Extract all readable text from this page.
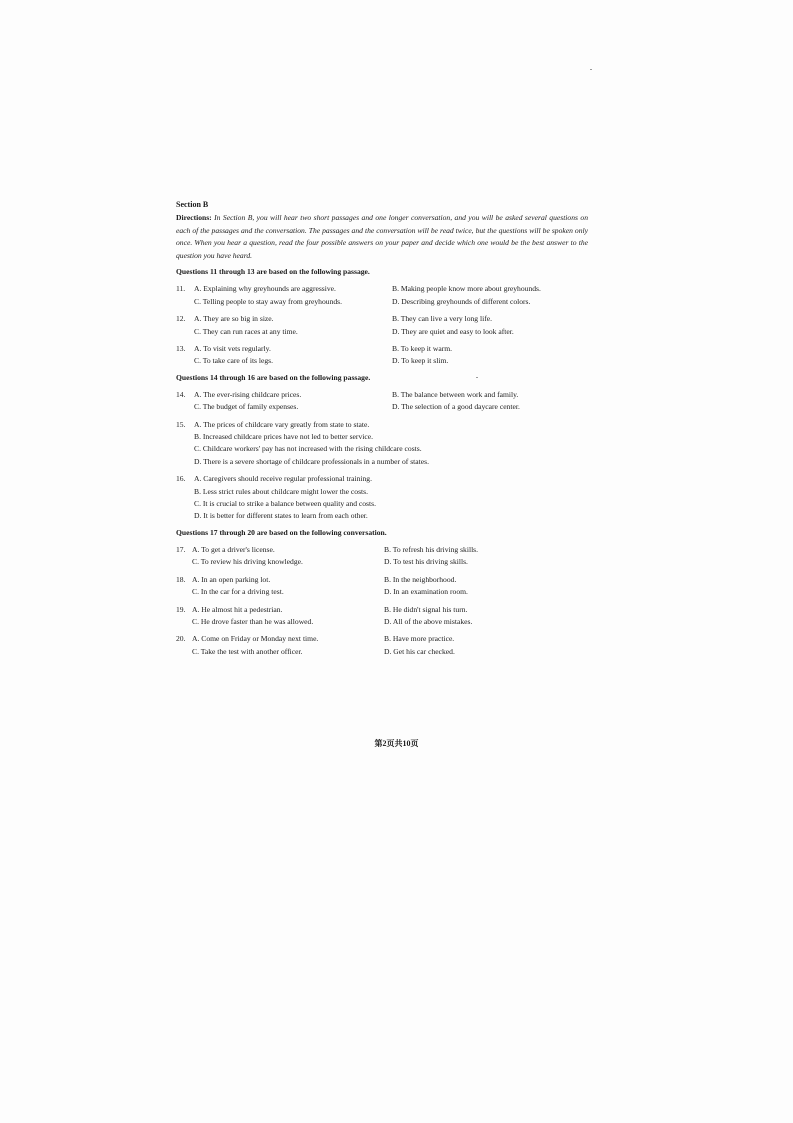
Section B
Directions: In Section B, you will hear two short passages and one longer conversation, and you will be asked several questions on each of the passages and the conversation. The passages and the conversation will be read twice, but the questions will be spoken only once. When you hear a question, read the four possible answers on your paper and decide which one would be the best answer to the question you have heard.
Questions 11 through 13 are based on the following passage.
11.	A. Explaining why greyhounds are aggressive.	B. Making people know more about greyhounds.
C. Telling people to stay away from greyhounds.	D. Describing greyhounds of different colors.
12.	A. They are so big in size.	B. They can live a very long life.
C. They can run races at any time.	D. They are quiet and easy to look after.
13.	A. To visit vets regularly.	B. To keep it warm.
C. To take care of its legs.	D. To keep it slim.
Questions 14 through 16 are based on the following passage.
14.	A. The ever-rising childcare prices.	B. The balance between work and family.
C. The budget of family expenses.	D. The selection of a good daycare center.
15.	A. The prices of childcare vary greatly from state to state.
B. Increased childcare prices have not led to better service.
C. Childcare workers' pay has not increased with the rising childcare costs.
D. There is a severe shortage of childcare professionals in a number of states.
16.	A. Caregivers should receive regular professional training.
B. Less strict rules about childcare might lower the costs.
C. It is crucial to strike a balance between quality and costs.
D. It is better for different states to learn from each other.
Questions 17 through 20 are based on the following conversation.
17. A. To get a driver's license.	B. To refresh his driving skills.
C. To review his driving knowledge.	D. To test his driving skills.
18. A. In an open parking lot.	B. In the neighborhood.
C. In the car for a driving test.	D. In an examination room.
19. A. He almost hit a pedestrian.	B. He didn't signal his turn.
C. He drove faster than he was allowed.	D. All of the above mistakes.
20. A. Come on Friday or Monday next time.	B. Have more practice.
C. Take the test with another officer.	D. Get his car checked.
第2页共10页
